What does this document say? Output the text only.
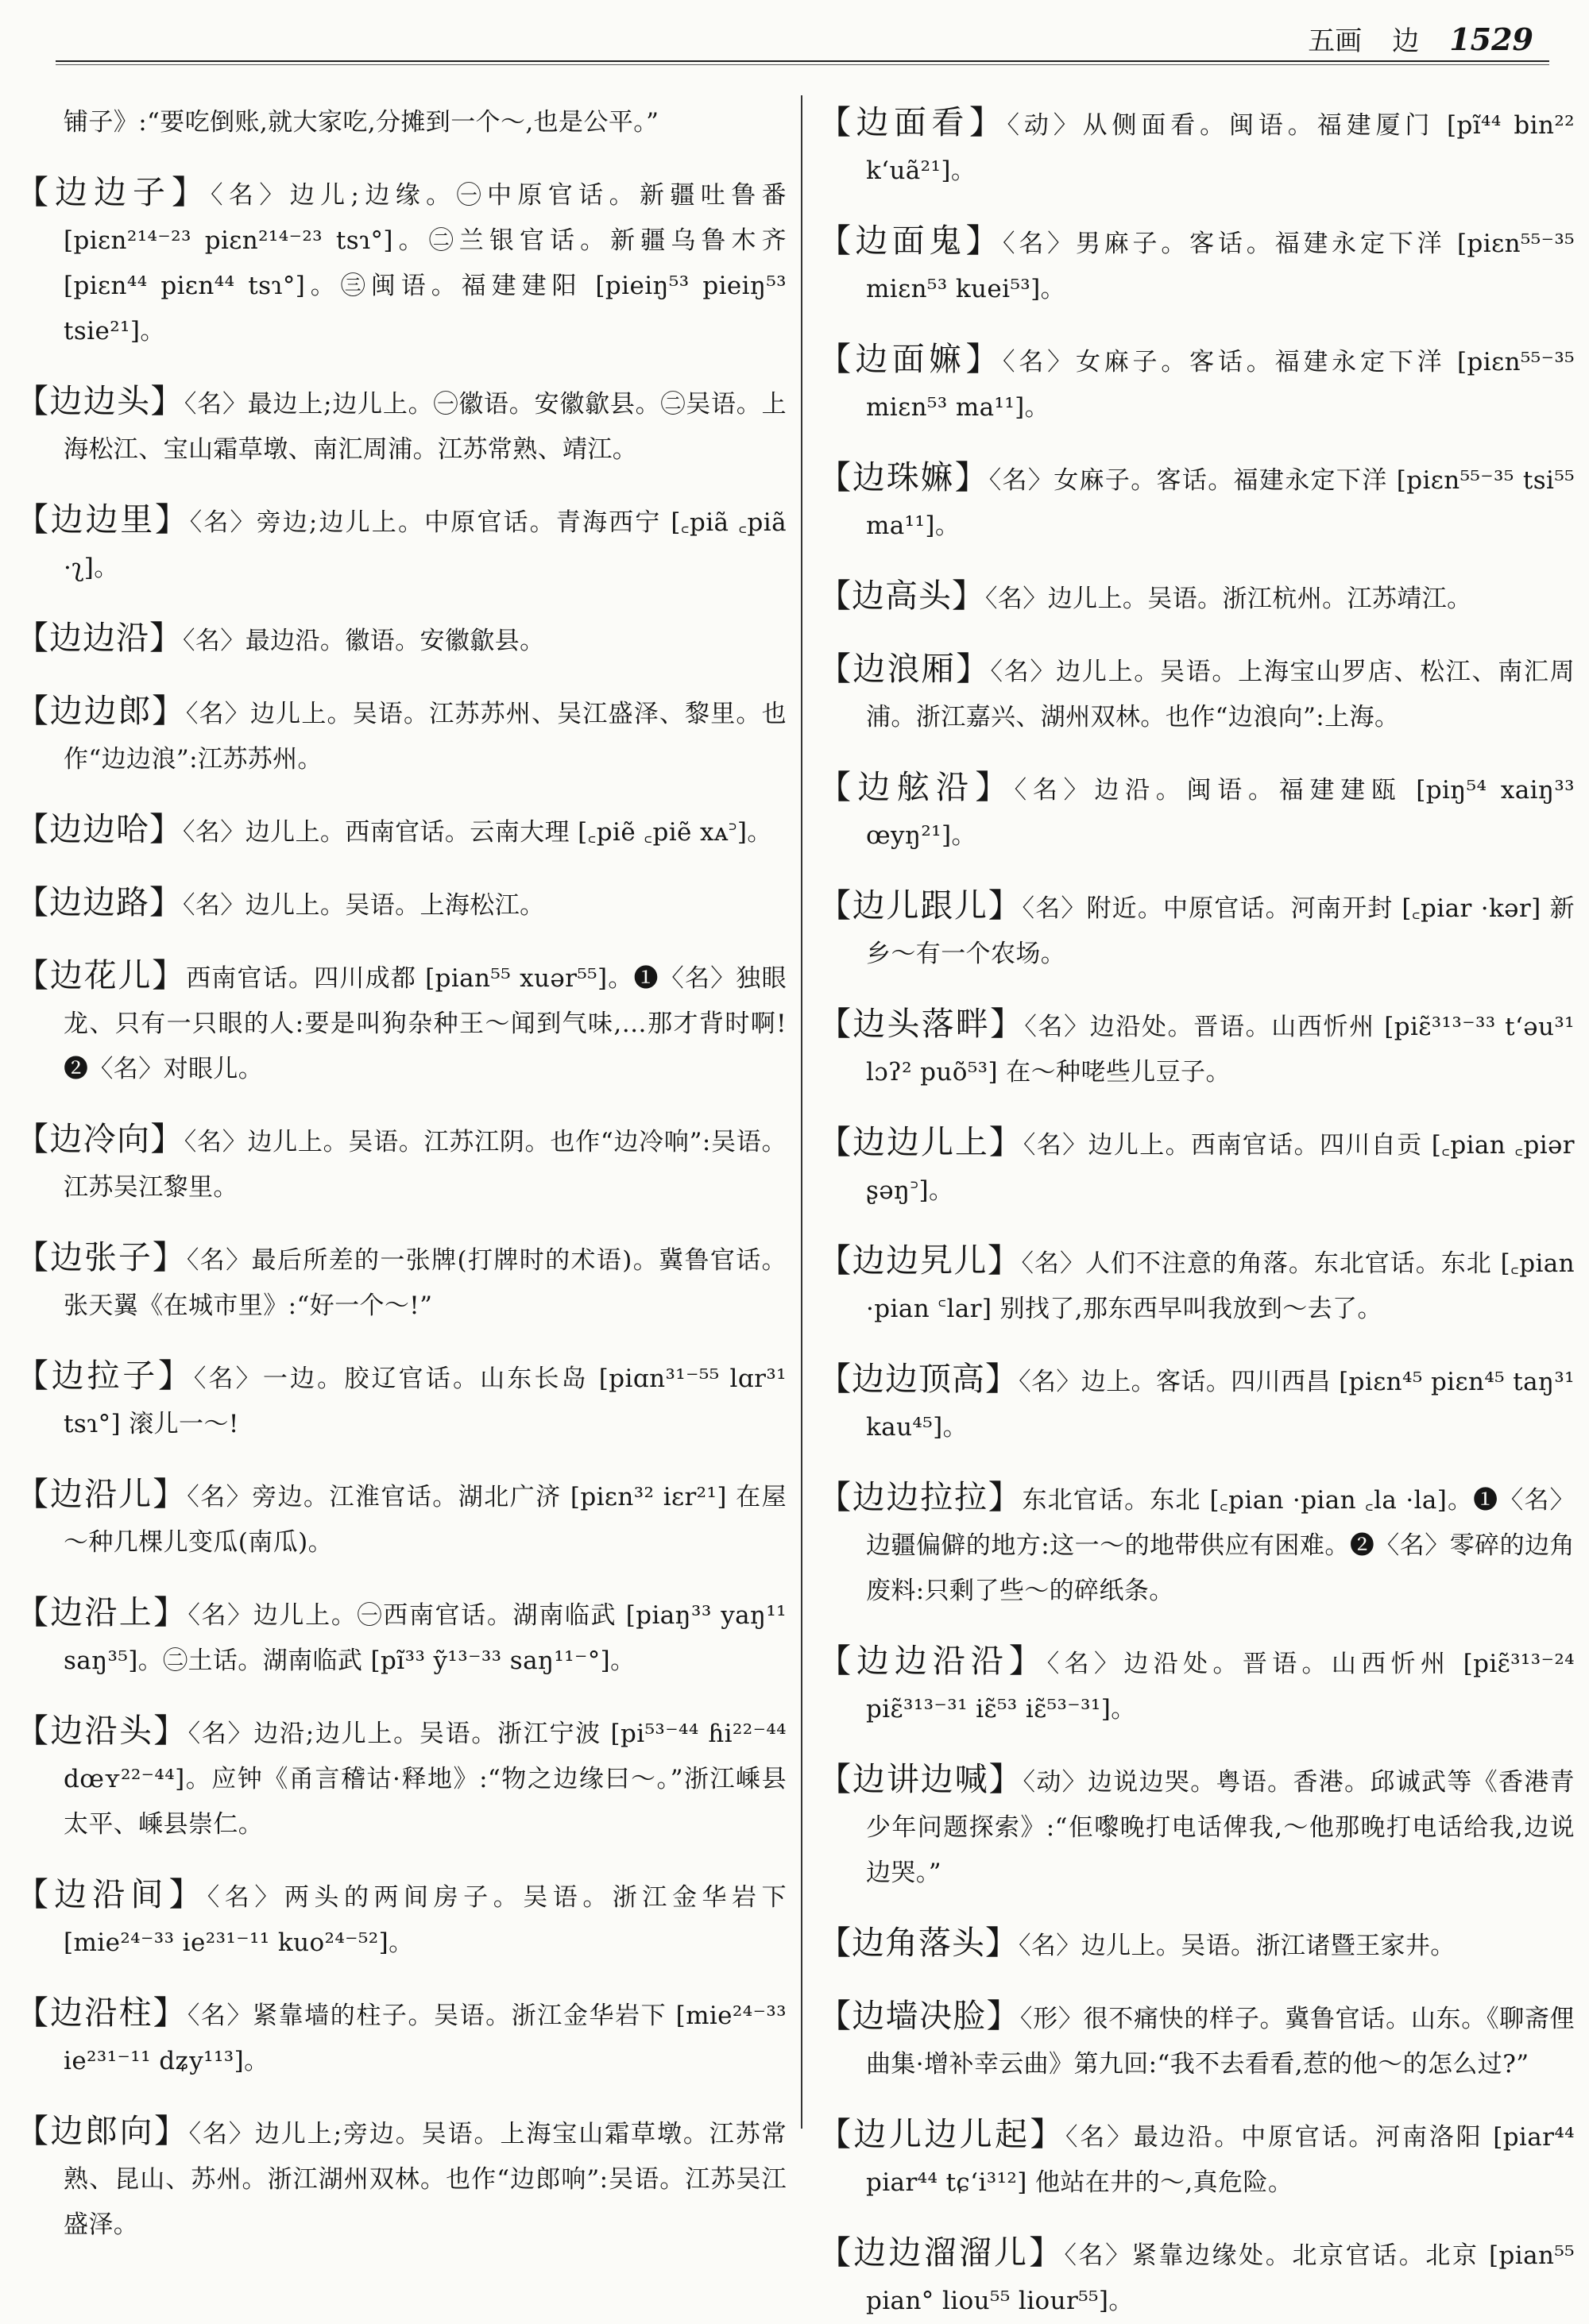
五画 边 1529

铺子》:“要吃倒账,就大家吃,分摊到一个～,也是公平。”

【边边子】〈名〉边儿;边缘。㊀中原官话。新疆吐鲁番 [piɛn²¹⁴⁻²³ piɛn²¹⁴⁻²³ tsɿ°]。㊁兰银官话。新疆乌鲁木齐 [piɛn⁴⁴ piɛn⁴⁴ tsɿ°]。㊂闽语。福建建阳 [pieiŋ⁵³ pieiŋ⁵³ tsie²¹]。

【边边头】〈名〉最边上;边儿上。㊀徽语。安徽歙县。㊁吴语。上海松江、宝山霜草墩、南汇周浦。江苏常熟、靖江。

【边边里】〈名〉旁边;边儿上。中原官话。青海西宁 [꜀piã ꜀piã ·ʅ]。

【边边沿】〈名〉最边沿。徽语。安徽歙县。

【边边郎】〈名〉边儿上。吴语。江苏苏州、吴江盛泽、黎里。也作“边边浪”:江苏苏州。

【边边哈】〈名〉边儿上。西南官话。云南大理 [꜀piẽ ꜀piẽ xᴀ꜄]。

【边边路】〈名〉边儿上。吴语。上海松江。

【边花儿】西南官话。四川成都 [pian⁵⁵ xuər⁵⁵]。❶〈名〉独眼龙、只有一只眼的人:要是叫狗杂种王～闻到气味,…那才背时啊!❷〈名〉对眼儿。

【边冷向】〈名〉边儿上。吴语。江苏江阴。也作“边冷响”:吴语。江苏吴江黎里。

【边张子】〈名〉最后所差的一张牌(打牌时的术语)。冀鲁官话。张天翼《在城市里》:“好一个～!”

【边拉子】〈名〉一边。胶辽官话。山东长岛 [piɑn³¹⁻⁵⁵ lɑr³¹ tsɿ°] 滚儿一～!

【边沿儿】〈名〉旁边。江淮官话。湖北广济 [piɛn³² iɛr²¹] 在屋～种几棵儿变瓜(南瓜)。

【边沿上】〈名〉边儿上。㊀西南官话。湖南临武 [piaŋ³³ yaŋ¹¹ saŋ³⁵]。㊁土话。湖南临武 [pĩ³³ ỹ¹³⁻³³ saŋ¹¹⁻°]。

【边沿头】〈名〉边沿;边儿上。吴语。浙江宁波 [pi⁵³⁻⁴⁴ ɦi²²⁻⁴⁴ dœʏ²²⁻⁴⁴]。应钟《甬言稽诂·释地》:“物之边缘曰～。”浙江嵊县太平、嵊县崇仁。

【边沿间】〈名〉两头的两间房子。吴语。浙江金华岩下 [mie²⁴⁻³³ ie²³¹⁻¹¹ kuo²⁴⁻⁵²]。

【边沿柱】〈名〉紧靠墙的柱子。吴语。浙江金华岩下 [mie²⁴⁻³³ ie²³¹⁻¹¹ dʑy¹¹³]。

【边郎向】〈名〉边儿上;旁边。吴语。上海宝山霜草墩。江苏常熟、昆山、苏州。浙江湖州双林。也作“边郎响”:吴语。江苏吴江盛泽。

【边面看】〈动〉从侧面看。闽语。福建厦门 [pĩ⁴⁴ bin²² kʻuã²¹]。

【边面鬼】〈名〉男麻子。客话。福建永定下洋 [piɛn⁵⁵⁻³⁵ miɛn⁵³ kuei⁵³]。

【边面嫲】〈名〉女麻子。客话。福建永定下洋 [piɛn⁵⁵⁻³⁵ miɛn⁵³ ma¹¹]。

【边珠嫲】〈名〉女麻子。客话。福建永定下洋 [piɛn⁵⁵⁻³⁵ tsi⁵⁵ ma¹¹]。

【边高头】〈名〉边儿上。吴语。浙江杭州。江苏靖江。

【边浪厢】〈名〉边儿上。吴语。上海宝山罗店、松江、南汇周浦。浙江嘉兴、湖州双林。也作“边浪向”:上海。

【边舷沿】〈名〉边沿。闽语。福建建瓯 [piŋ⁵⁴ xaiŋ³³ œyŋ²¹]。

【边儿跟儿】〈名〉附近。中原官话。河南开封 [꜀piar ·kər] 新乡～有一个农场。

【边头落畔】〈名〉边沿处。晋语。山西忻州 [piɛ̃³¹³⁻³³ tʻəu³¹ lɔʔ² puõ⁵³] 在～种咾些儿豆子。

【边边儿上】〈名〉边儿上。西南官话。四川自贡 [꜀pian ꜀piər ʂəŋ꜄]。

【边边旯儿】〈名〉人们不注意的角落。东北官话。东北 [꜀pian ·pian ꜂lar] 别找了,那东西早叫我放到～去了。

【边边顶高】〈名〉边上。客话。四川西昌 [piɛn⁴⁵ piɛn⁴⁵ taŋ³¹ kau⁴⁵]。

【边边拉拉】东北官话。东北 [꜀pian ·pian ꜀la ·la]。❶〈名〉边疆偏僻的地方:这一～的地带供应有困难。❷〈名〉零碎的边角废料:只剩了些～的碎纸条。

【边边沿沿】〈名〉边沿处。晋语。山西忻州 [piɛ̃³¹³⁻²⁴ piɛ̃³¹³⁻³¹ iɛ̃⁵³ iɛ̃⁵³⁻³¹]。

【边讲边喊】〈动〉边说边哭。粤语。香港。邱诚武等《香港青少年问题探索》:“佢嚟晚打电话俾我,～他那晚打电话给我,边说边哭。”

【边角落头】〈名〉边儿上。吴语。浙江诸暨王家井。

【边墙决脸】〈形〉很不痛快的样子。冀鲁官话。山东。《聊斋俚曲集·增补幸云曲》第九回:“我不去看看,惹的他～的怎么过?”

【边儿边儿起】〈名〉最边沿。中原官话。河南洛阳 [piar⁴⁴ piar⁴⁴ tɕʻi³¹²] 他站在井的～,真危险。

【边边溜溜儿】〈名〉紧靠边缘处。北京官话。北京 [pian⁵⁵ pian° liou⁵⁵ liour⁵⁵]。
